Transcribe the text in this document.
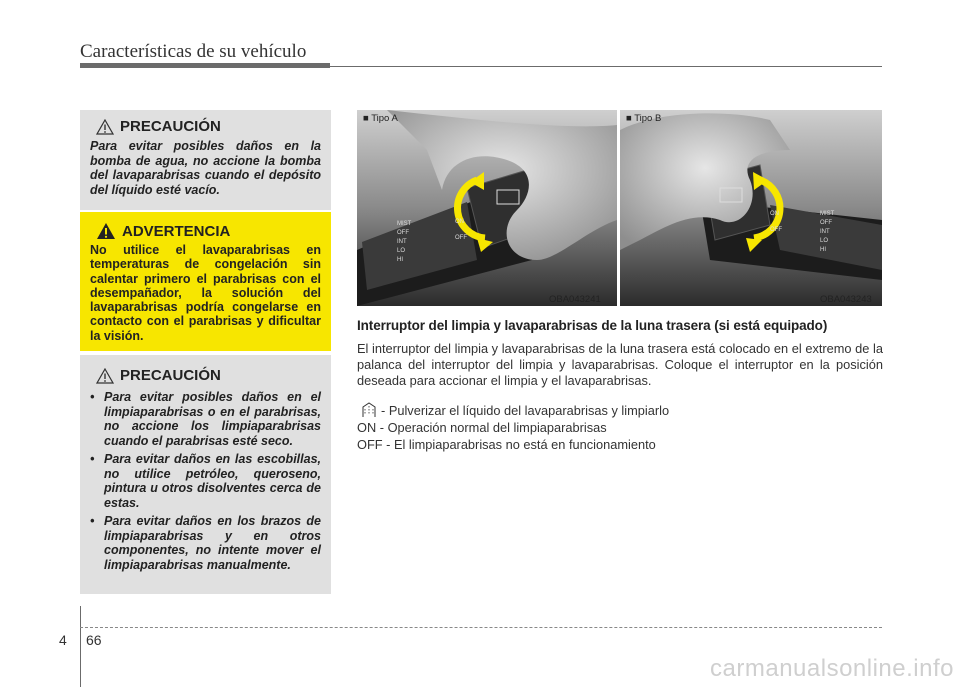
Características de su vehículo
PRECAUCIÓN
Para evitar posibles daños en la bomba de agua, no accione la bomba del lavaparabrisas cuando el depósito del líquido esté vacío.
ADVERTENCIA
No utilice el lavaparabrisas en temperaturas de congelación sin calentar primero el parabrisas con el desempañador, la solución del lavaparabrisas podría congelarse en contacto con el parabrisas y dificultar la visión.
PRECAUCIÓN
• Para evitar posibles daños en el limpiaparabrisas o en el parabrisas, no accione los limpiaparabrisas cuando el parabrisas esté seco.
• Para evitar daños en las escobillas, no utilice petróleo, queroseno, pintura u otros disolventes cerca de estas.
• Para evitar daños en los brazos de limpiaparabrisas y en otros componentes, no intente mover el limpiaparabrisas manualmente.
■ Tipo A
MIST
OFF
INT
LO
HI
ON
OFF
OBA043241
■ Tipo B
MIST
OFF
INT
LO
HI
ON
OFF
OBA043243
Interruptor del limpia y lavaparabrisas de la luna trasera (si está equipado)
El interruptor del limpia y lavaparabrisas de la luna trasera está colocado en el extremo de la palanca del interruptor del limpia y lavaparabrisas. Coloque el interruptor en la posición deseada para accionar el limpia y el lavaparabrisas.
- Pulverizar el líquido del lavaparabrisas y limpiarlo
ON - Operación normal del limpiaparabrisas
OFF - El limpiaparabrisas no está en funcionamiento
4 66
carmanualsonline.info
